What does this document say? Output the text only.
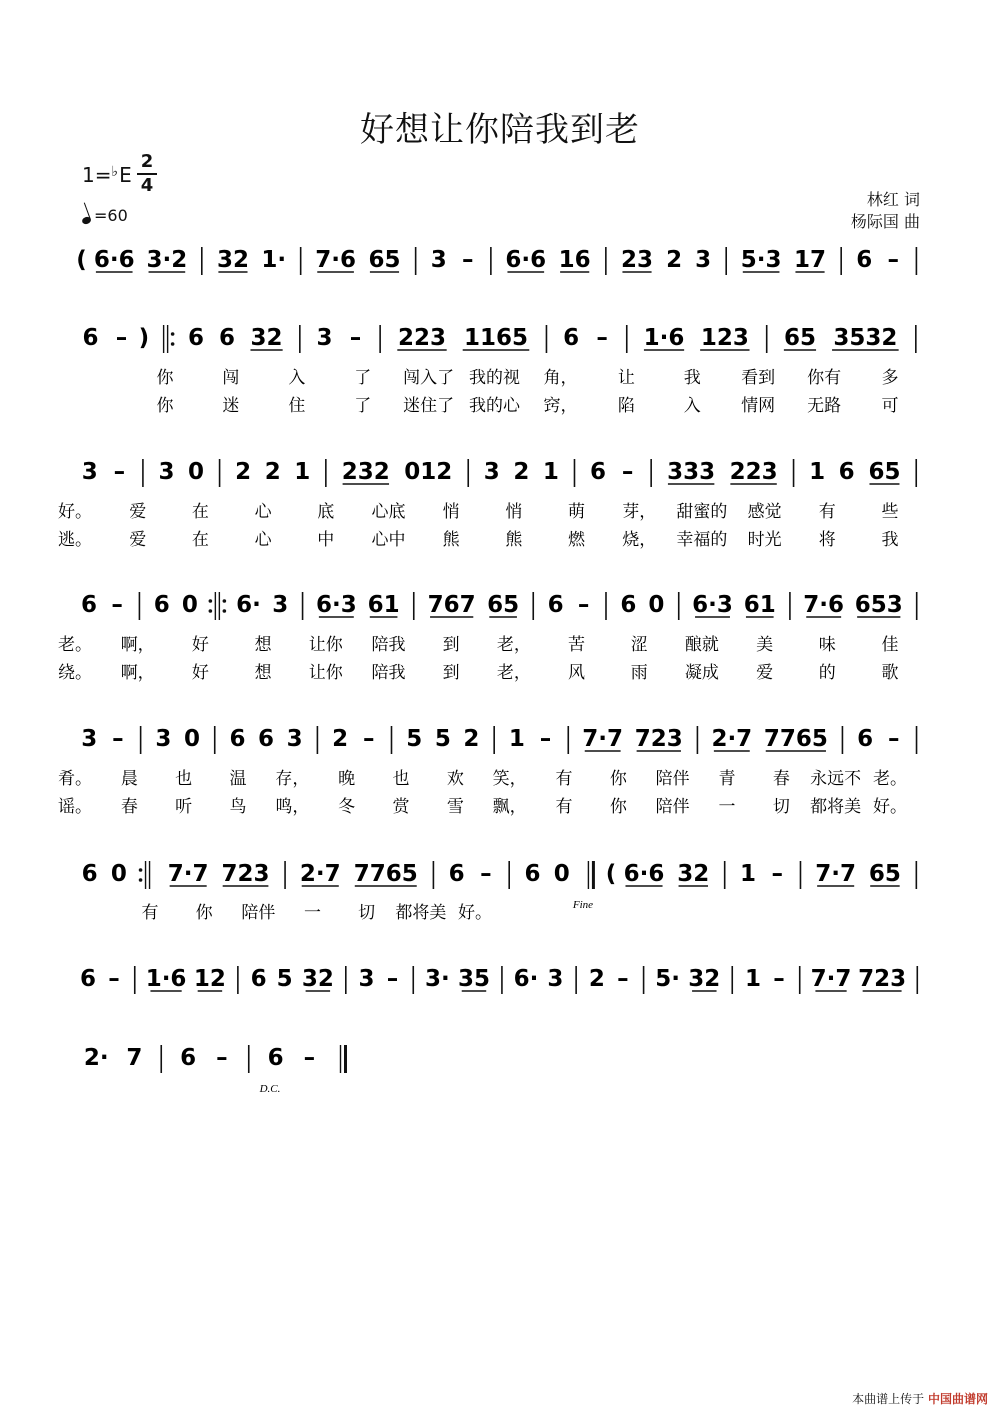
好想让你陪我到老
1=♭E
2
4
=60
林红 词
杨际国 曲
( 6·6 3·2 32 1· 7·6 65 3 – 6·6 16 23 2 3 5·3 17 6 –
6 – ) 6 6 32 3 – 223 1165 6 – 1·6 123 65 3532
你	闯	入	了 闯入了 我的视 角， 让	我 看到 你有 多
你	迷	住	了 迷住了 我的心 窍， 陷	入 情网 无路 可
3 – 3 0 2 2 1 232 012 3 2 1 6 – 333 223 1 6 65
好。 爱	在	心	底 心底 悄	悄	萌 芽， 甜蜜的 感觉 有	些
逃。 爱	在	心	中 心中 熊	熊	燃 烧， 幸福的 时光 将	我
6 – 6 0 6· 3 6·3 61 767 65 6 – 6 0 6·3 61 7·6 653
老。 啊， 好	想 让你 陪我 到 老， 苦	涩 酿就 美	味	佳
绕。 啊， 好	想 让你 陪我 到 老， 风	雨 凝成 爱	的	歌
3 – 3 0 6 6 3 2 – 5 5 2 1 – 7·7 723 2·7 7765 6 –
肴。 晨 也 温 存， 晚 也 欢 笑， 有 你 陪伴 青 春 永远不 老。
谣。 春 听 鸟 鸣， 冬 赏 雪 飘， 有 你 陪伴 一 切 都将美 好。
6 0 7·7 723 2·7 7765 6 – 6 0 ( 6·6 32 1 – 7·7 65
有 你 陪伴 一 切 都将美 好。
6 – 1·6 12 6 5 32 3 – 3· 35 6· 3 2 – 5· 32 1 – 7·7 723
2· 7 6 – 6 –
Fine
D.C.
本曲谱上传于 中国曲谱网
